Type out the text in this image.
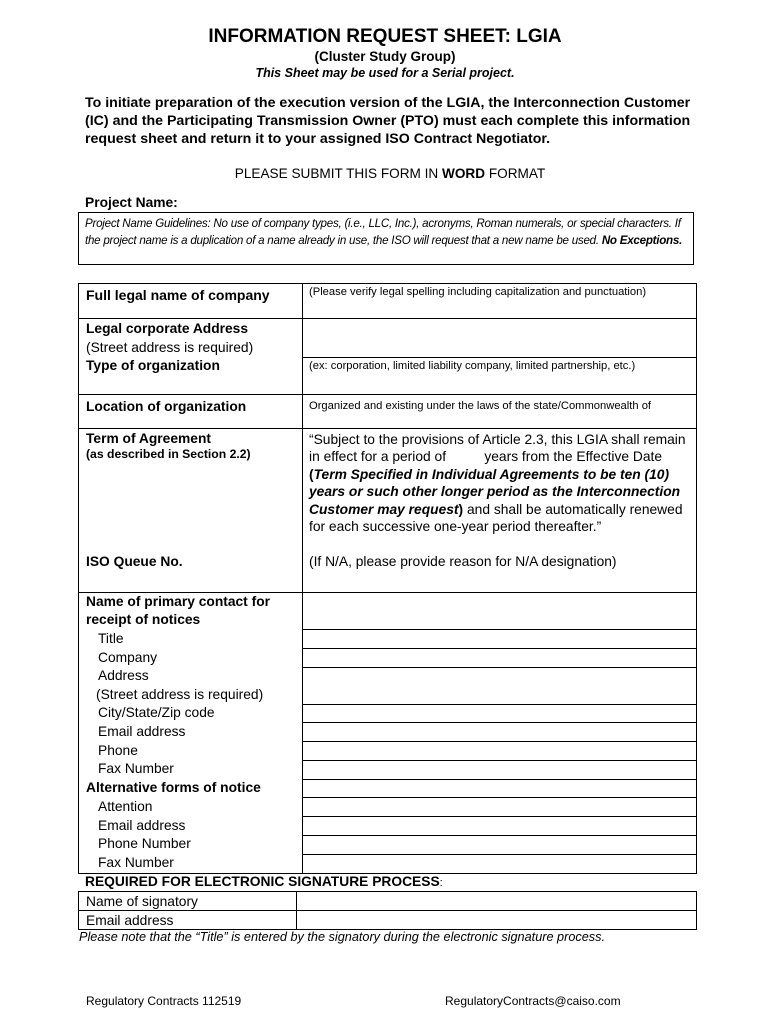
INFORMATION REQUEST SHEET: LGIA
(Cluster Study Group)
This Sheet may be used for a Serial project.
To initiate preparation of the execution version of the LGIA, the Interconnection Customer (IC) and the Participating Transmission Owner (PTO) must each complete this information request sheet and return it to your assigned ISO Contract Negotiator.
PLEASE SUBMIT THIS FORM IN WORD FORMAT
Project Name:
Project Name Guidelines: No use of company types, (i.e., LLC, Inc.), acronyms, Roman numerals, or special characters. If the project name is a duplication of a name already in use, the ISO will request that a new name be used. No Exceptions.
Full legal name of company	(Please verify legal spelling including capitalization and punctuation)

Legal corporate Address
(Street address is required)	

Type of organization	(ex: corporation, limited liability company, limited partnership, etc.)

Location of organization	Organized and existing under the laws of the state/Commonwealth of

Term of Agreement
(as described in Section 2.2)	“Subject to the provisions of Article 2.3, this LGIA shall remain in effect for a period of          years from the Effective Date (Term Specified in Individual Agreements to be ten (10) years or such other longer period as the Interconnection Customer may request) and shall be automatically renewed for each successive one-year period thereafter.”

ISO Queue No.	(If N/A, please provide reason for N/A designation)

Name of primary contact for receipt of notices	

Title	

Company	

Address
(Street address is required)	

City/State/Zip code	

Email address	

Phone	

Fax Number	

Alternative forms of notice	

Attention	

Email address	

Phone Number	

Fax Number	

REQUIRED FOR ELECTRONIC SIGNATURE PROCESS:
Name of signatory	
Email address	
Please note that the “Title” is entered by the signatory during the electronic signature process.
Regulatory Contracts 112519	RegulatoryContracts@caiso.com
